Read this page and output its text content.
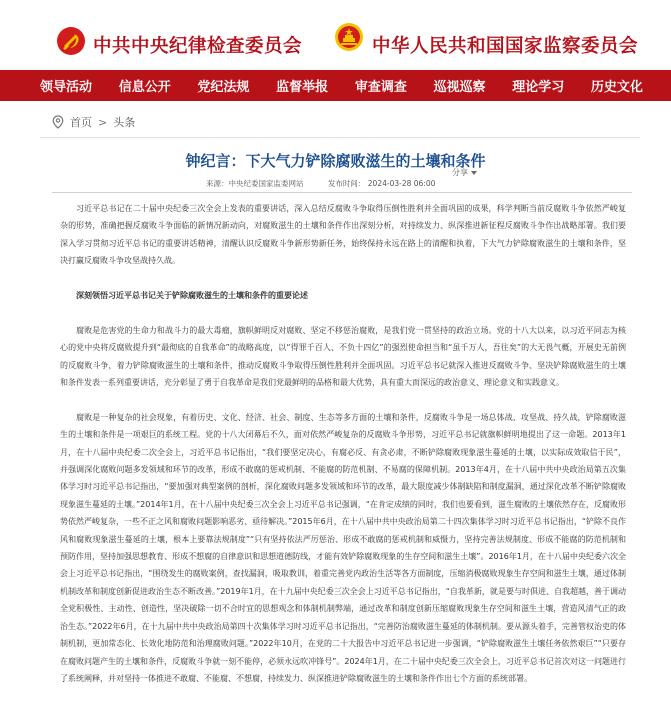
中共中央纪律检查委员会	中华人民共和国国家监察委员会
领导活动 信息公开 党纪法规 监督举报 审查调查 巡视巡察 理论学习 历史文化
首页 > 头条
钟纪言：下大气力铲除腐败滋生的土壤和条件
分享
来源：中央纪委国家监委网站	发布时间： 2024-03-28 06:00

习近平总书记在二十届中央纪委三次全会上发表的重要讲话，深入总结反腐败斗争取得压倒性胜利并全面巩固的成果，科学判断当前反腐败斗争依然严峻复杂的形势，准确把握反腐败斗争面临的新情况新动向，对腐败滋生的土壤和条件作出深刻分析，对持续发力、纵深推进新征程反腐败斗争作出战略部署。我们要深入学习贯彻习近平总书记的重要讲话精神，清醒认识反腐败斗争新形势新任务，始终保持永远在路上的清醒和执着，下大气力铲除腐败滋生的土壤和条件，坚决打赢反腐败斗争攻坚战持久战。

深刻领悟习近平总书记关于铲除腐败滋生的土壤和条件的重要论述

腐败是危害党的生命力和战斗力的最大毒瘤，旗帜鲜明反对腐败、坚定不移惩治腐败，是我们党一贯坚持的政治立场。党的十八大以来，以习近平同志为核心的党中央将反腐败提升到“最彻底的自我革命”的战略高度，以“得罪千百人、不负十四亿”的强烈使命担当和“虽千万人，吾往矣”的大无畏气概，开展史无前例的反腐败斗争，着力铲除腐败滋生的土壤和条件，推动反腐败斗争取得压倒性胜利并全面巩固。习近平总书记就深入推进反腐败斗争、坚决铲除腐败滋生的土壤和条件发表一系列重要讲话，充分彰显了勇于自我革命是我们党最鲜明的品格和最大优势，具有重大而深远的政治意义、理论意义和实践意义。

腐败是一种复杂的社会现象，有着历史、文化、经济、社会、制度、生态等多方面的土壤和条件，反腐败斗争是一场总体战、攻坚战、持久战，铲除腐败滋生的土壤和条件是一项艰巨的系统工程。党的十八大闭幕后不久，面对依然严峻复杂的反腐败斗争形势，习近平总书记就旗帜鲜明地提出了这一命题。2013年1月，在十八届中央纪委二次全会上，习近平总书记指出，“我们要坚定决心，有腐必反、有贪必肃，不断铲除腐败现象滋生蔓延的土壤，以实际成效取信于民”，并强调深化腐败问题多发领域和环节的改革，形成不敢腐的惩戒机制、不能腐的防范机制、不易腐的保障机制。2013年4月，在十八届中共中央政治局第五次集体学习时习近平总书记指出，“要加强对典型案例的剖析，深化腐败问题多发领域和环节的改革，最大限度减少体制缺陷和制度漏洞，通过深化改革不断铲除腐败现象滋生蔓延的土壤。”2014年1月，在十八届中央纪委三次全会上习近平总书记强调，“在肯定成绩的同时，我们也要看到，滋生腐败的土壤依然存在，反腐败形势依然严峻复杂，一些不正之风和腐败问题影响恶劣、亟待解决。”2015年6月，在十八届中共中央政治局第二十四次集体学习时习近平总书记指出，“铲除不良作风和腐败现象滋生蔓延的土壤，根本上要靠法规制度”“只有坚持依法严厉惩治、形成不敢腐的惩戒机制和威慑力，坚持完善法规制度、形成不能腐的防范机制和预防作用，坚持加强思想教育、形成不想腐的自律意识和思想道德防线，才能有效铲除腐败现象的生存空间和滋生土壤”。2016年1月，在十八届中央纪委六次全会上习近平总书记指出，“围绕发生的腐败案例，查找漏洞，吸取教训，着重完善党内政治生活等各方面制度，压缩消极腐败现象生存空间和滋生土壤，通过体制机制改革和制度创新促进政治生态不断改善。”2019年1月，在十九届中央纪委三次全会上习近平总书记指出，“自我革新，就是要与时俱进、自我超越，善于调动全党积极性、主动性、创造性，坚决破除一切不合时宜的思想观念和体制机制弊端，通过改革和制度创新压缩腐败现象生存空间和滋生土壤，营造风清气正的政治生态。”2022年6月，在十九届中共中央政治局第四十次集体学习时习近平总书记指出，“完善防治腐败滋生蔓延的体制机制。要从源头着手，完善管权治吏的体制机制，更加常态化、长效化地防范和治理腐败问题。”2022年10月，在党的二十大报告中习近平总书记进一步强调，“铲除腐败滋生土壤任务依然艰巨”“只要存在腐败问题产生的土壤和条件，反腐败斗争就一刻不能停，必须永远吹冲锋号”。2024年1月，在二十届中央纪委三次全会上，习近平总书记首次对这一问题进行了系统阐释，并对坚持一体推进不敢腐、不能腐、不想腐，持续发力、纵深推进铲除腐败滋生的土壤和条件作出七个方面的系统部署。
